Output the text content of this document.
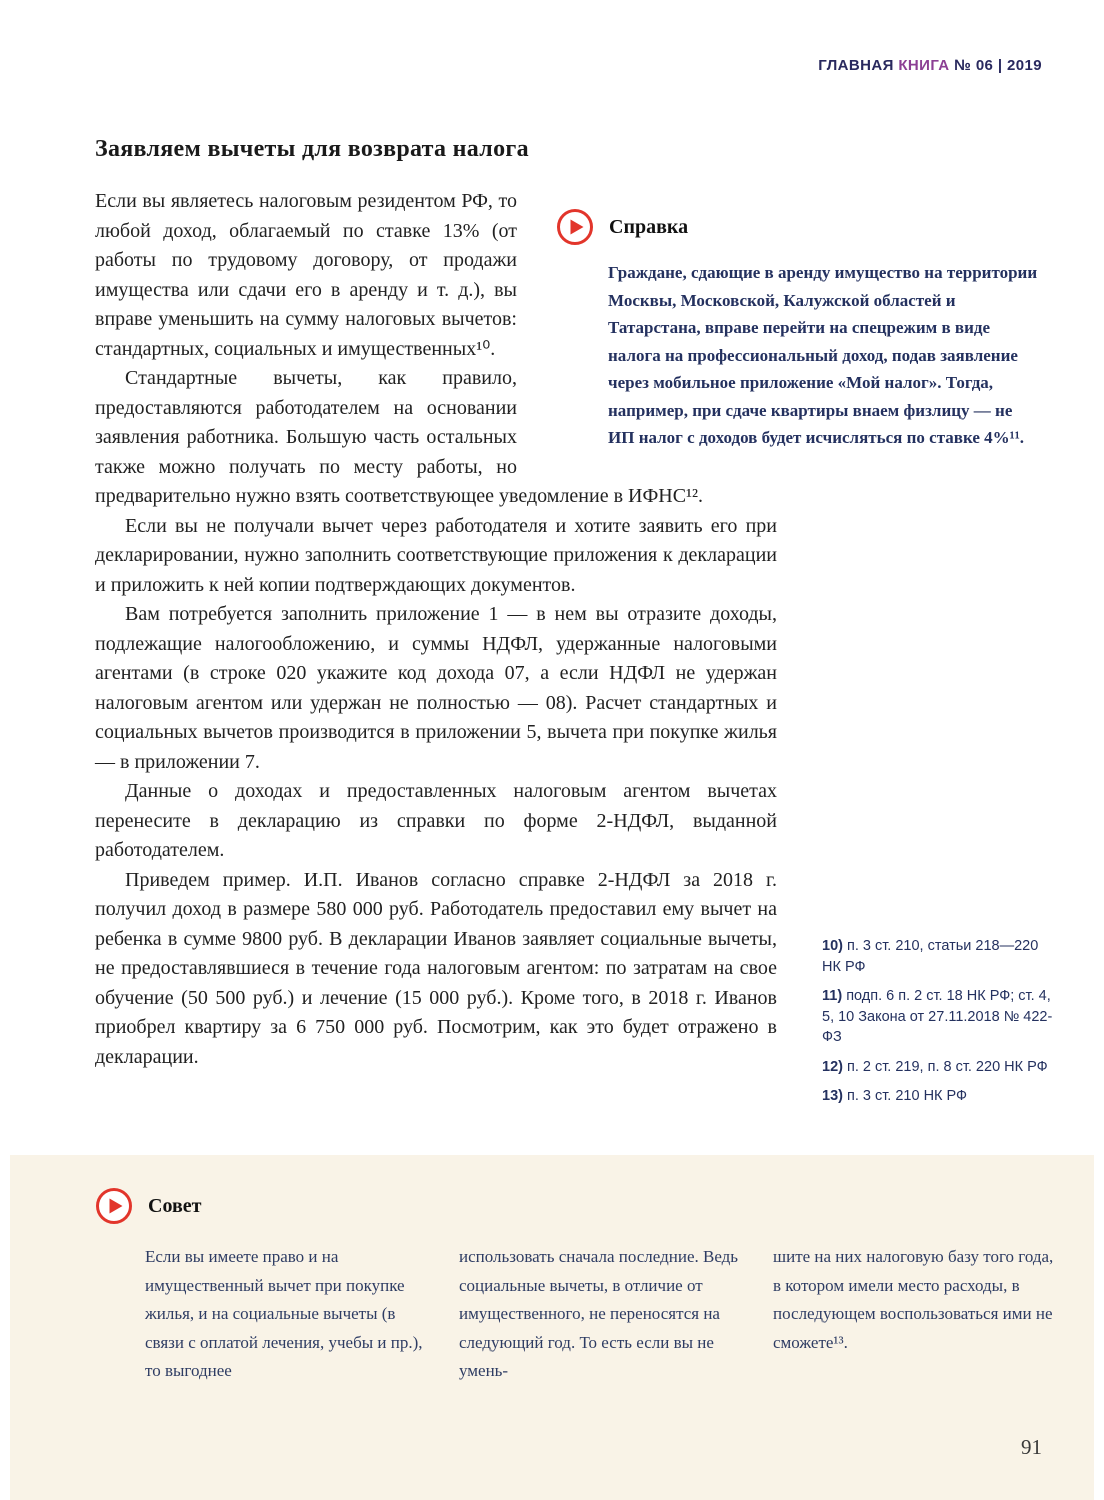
ГЛАВНАЯ КНИГА № 06 | 2019
Заявляем вычеты для возврата налога

Если вы являетесь налоговым резидентом РФ, то любой доход, облагаемый по ставке 13% (от работы по трудовому договору, от продажи имущества или сдачи его в аренду и т. д.), вы вправе уменьшить на сумму налоговых вычетов: стандартных, социальных и имущественных¹⁰.

Стандартные вычеты, как правило, предоставляются работодателем на основании заявления работника. Большую часть остальных также можно получать по месту работы, но предварительно нужно взять соответствующее уведомление в ИФНС¹².

Если вы не получали вычет через работодателя и хотите заявить его при декларировании, нужно заполнить соответствующие приложения к декларации и приложить к ней копии подтверждающих документов.

Вам потребуется заполнить приложение 1 — в нем вы отразите доходы, подлежащие налогообложению, и суммы НДФЛ, удержанные налоговыми агентами (в строке 020 укажите код дохода 07, а если НДФЛ не удержан налоговым агентом или удержан не полностью — 08). Расчет стандартных и социальных вычетов производится в приложении 5, вычета при покупке жилья — в приложении 7.

Данные о доходах и предоставленных налоговым агентом вычетах перенесите в декларацию из справки по форме 2-НДФЛ, выданной работодателем.

Приведем пример. И.П. Иванов согласно справке 2-НДФЛ за 2018 г. получил доход в размере 580 000 руб. Работодатель предоставил ему вычет на ребенка в сумме 9800 руб. В декларации Иванов заявляет социальные вычеты, не предоставлявшиеся в течение года налоговым агентом: по затратам на свое обучение (50 500 руб.) и лечение (15 000 руб.). Кроме того, в 2018 г. Иванов приобрел квартиру за 6 750 000 руб. Посмотрим, как это будет отражено в декларации.

Справка
Граждане, сдающие в аренду имущество на территории Москвы, Московской, Калужской областей и Татарстана, вправе перейти на спецрежим в виде налога на профессиональный доход, подав заявление через мобильное приложение «Мой налог». Тогда, например, при сдаче квартиры внаем физлицу — не ИП налог с доходов будет исчисляться по ставке 4%¹¹.
10) п. 3 ст. 210, статьи 218—220 НК РФ
11) подп. 6 п. 2 ст. 18 НК РФ; ст. 4, 5, 10 Закона от 27.11.2018 № 422-ФЗ
12) п. 2 ст. 219, п. 8 ст. 220 НК РФ
13) п. 3 ст. 210 НК РФ
Совет
Если вы имеете право и на имущественный вычет при покупке жилья, и на социальные вычеты (в связи с оплатой лечения, учебы и пр.), то выгоднее
использовать сначала последние. Ведь социальные вычеты, в отличие от имущественного, не переносятся на следующий год. То есть если вы не умень-
шите на них налоговую базу того года, в котором имели место расходы, в последующем воспользоваться ими не сможете¹³.
91
